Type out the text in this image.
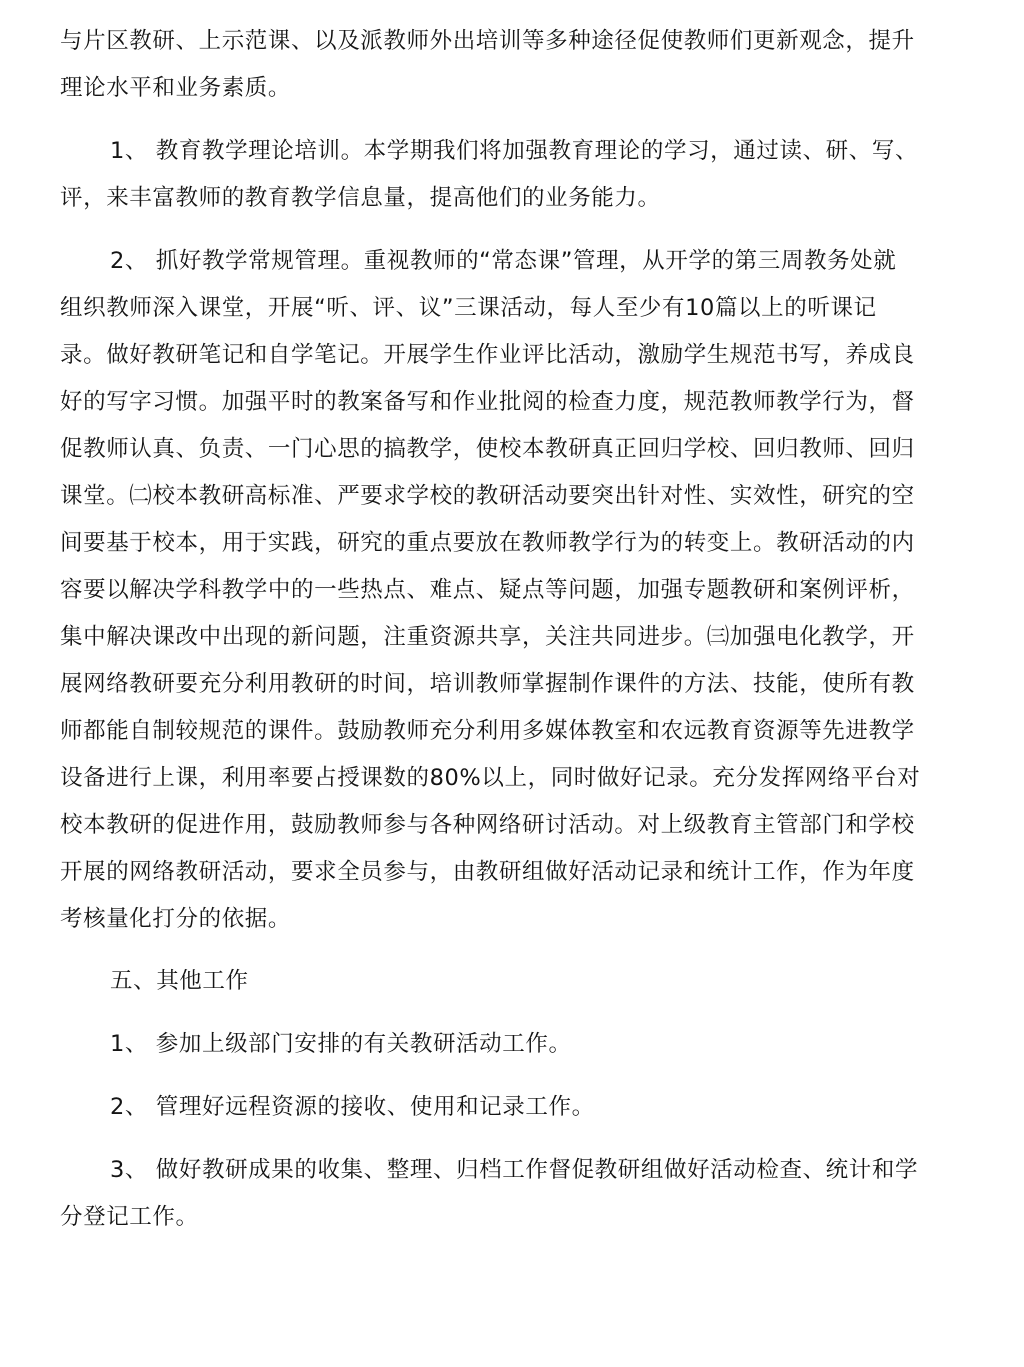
与片区教研、上示范课、以及派教师外出培训等多种途径促使教师们更新观念，提升
理论水平和业务素质。
1、 教育教学理论培训。本学期我们将加强教育理论的学习，通过读、研、写、
评，来丰富教师的教育教学信息量，提高他们的业务能力。
2、 抓好教学常规管理。重视教师的“常态课”管理，从开学的第三周教务处就
组织教师深入课堂，开展“听、评、议”三课活动，每人至少有10篇以上的听课记
录。做好教研笔记和自学笔记。开展学生作业评比活动，激励学生规范书写，养成良
好的写字习惯。加强平时的教案备写和作业批阅的检查力度，规范教师教学行为，督
促教师认真、负责、一门心思的搞教学，使校本教研真正回归学校、回归教师、回归
课堂。㈡校本教研高标准、严要求学校的教研活动要突出针对性、实效性，研究的空
间要基于校本，用于实践，研究的重点要放在教师教学行为的转变上。教研活动的内
容要以解决学科教学中的一些热点、难点、疑点等问题，加强专题教研和案例评析，
集中解决课改中出现的新问题，注重资源共享，关注共同进步。㈢加强电化教学，开
展网络教研要充分利用教研的时间，培训教师掌握制作课件的方法、技能，使所有教
师都能自制较规范的课件。鼓励教师充分利用多媒体教室和农远教育资源等先进教学
设备进行上课，利用率要占授课数的80%以上，同时做好记录。充分发挥网络平台对
校本教研的促进作用，鼓励教师参与各种网络研讨活动。对上级教育主管部门和学校
开展的网络教研活动，要求全员参与，由教研组做好活动记录和统计工作，作为年度
考核量化打分的依据。
五、其他工作
1、 参加上级部门安排的有关教研活动工作。
2、 管理好远程资源的接收、使用和记录工作。
3、 做好教研成果的收集、整理、归档工作督促教研组做好活动检查、统计和学
分登记工作。
